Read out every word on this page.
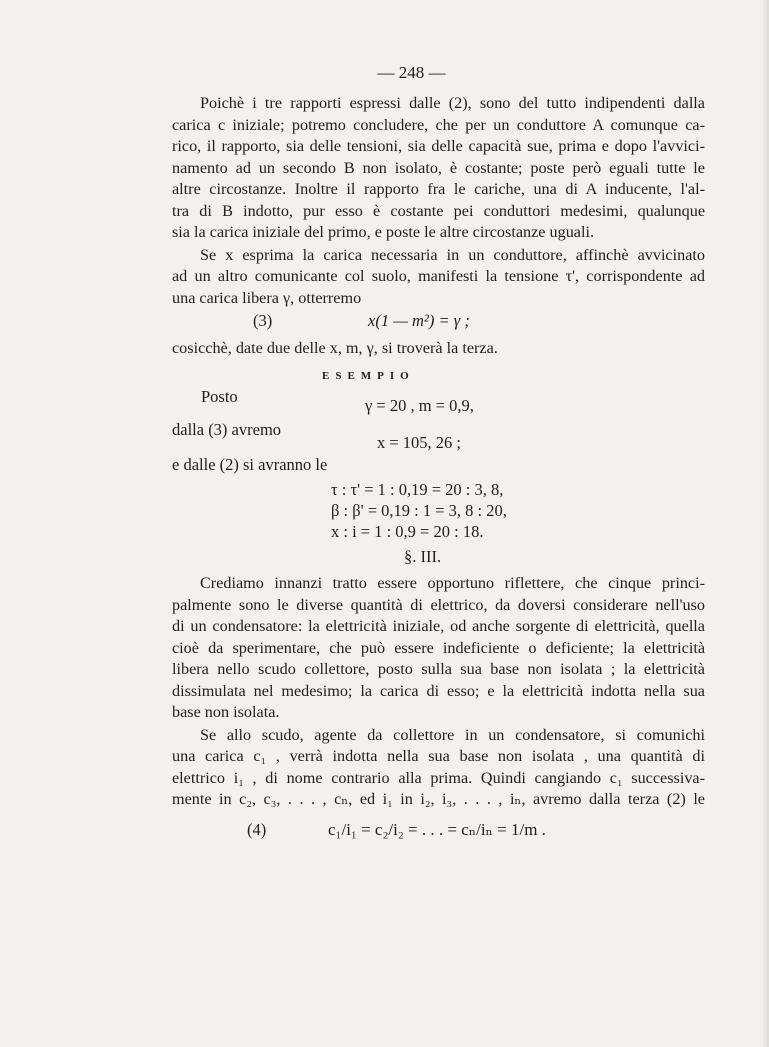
— 248 —
Poichè i tre rapporti espressi dalle (2), sono del tutto indipendenti dalla
carica c iniziale; potremo concludere, che per un conduttore A comunque ca-
rico, il rapporto, sia delle tensioni, sia delle capacità sue, prima e dopo l'avvici-
namento ad un secondo B non isolato, è costante; poste però eguali tutte le
altre circostanze. Inoltre il rapporto fra le cariche, una di A inducente, l'al-
tra di B indotto, pur esso è costante pei conduttori medesimi, qualunque
sia la carica iniziale del primo, e poste le altre circostanze uguali.
Se x esprima la carica necessaria in un conduttore, affinchè avvicinato
ad un altro comunicante col suolo, manifesti la tensione τ', corrispondente ad
una carica libera γ, otterremo
(3)	x(1 — m²) = γ ;
cosicchè, date due delle x, m, γ, si troverà la terza.
ESEMPIO
Posto	γ = 20 , m = 0,9,
dalla (3) avremo
x = 105, 26 ;
e dalle (2) si avranno le
τ : τ' = 1 : 0,19 = 20 : 3, 8,
β : β' = 0,19 : 1 = 3, 8 : 20,
x : i = 1 : 0,9 = 20 : 18.
§. III.
Crediamo innanzi tratto essere opportuno riflettere, che cinque princi-
palmente sono le diverse quantità di elettrico, da doversi considerare nell'uso
di un condensatore: la elettricità iniziale, od anche sorgente di elettricità, quella
cioè da sperimentare, che può essere indeficiente o deficiente; la elettricità
libera nello scudo collettore, posto sulla sua base non isolata ; la elettricità
dissimulata nel medesimo; la carica di esso; e la elettricità indotta nella sua
base non isolata.
Se allo scudo, agente da collettore in un condensatore, si comunichi
una carica c₁ , verrà indotta nella sua base non isolata , una quantità di
elettrico i₁ , di nome contrario alla prima. Quindi cangiando c₁ successiva-
mente in c₂, c₃, . . . , cₙ, ed i₁ in i₂, i₃, . . . , iₙ, avremo dalla terza (2) le
(4)	c₁/i₁ = c₂/i₂ = . . . = cₙ/iₙ = 1/m .
